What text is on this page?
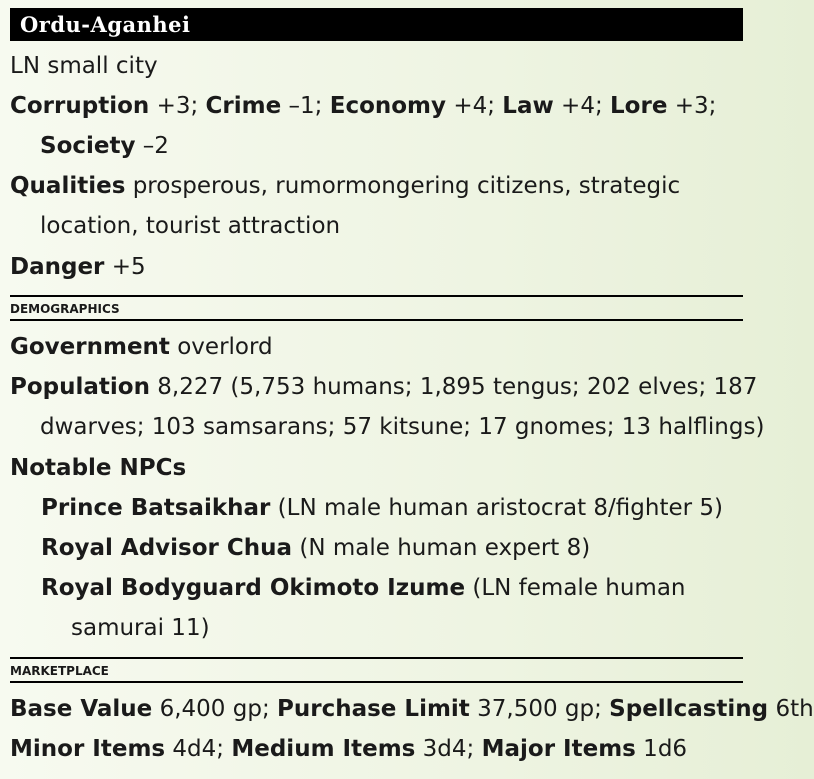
Ordu-Aganhei
LN small city
Corruption +3; Crime –1; Economy +4; Law +4; Lore +3;
Society –2
Qualities prosperous, rumormongering citizens, strategic
location, tourist attraction
Danger +5
demographics
Government overlord
Population 8,227 (5,753 humans; 1,895 tengus; 202 elves; 187
dwarves; 103 samsarans; 57 kitsune; 17 gnomes; 13 halflings)
Notable NPCs
Prince Batsaikhar (LN male human aristocrat 8/fighter 5)
Royal Advisor Chua (N male human expert 8)
Royal Bodyguard Okimoto Izume (LN female human
samurai 11)
marketplace
Base Value 6,400 gp; Purchase Limit 37,500 gp; Spellcasting 6th
Minor Items 4d4; Medium Items 3d4; Major Items 1d6
